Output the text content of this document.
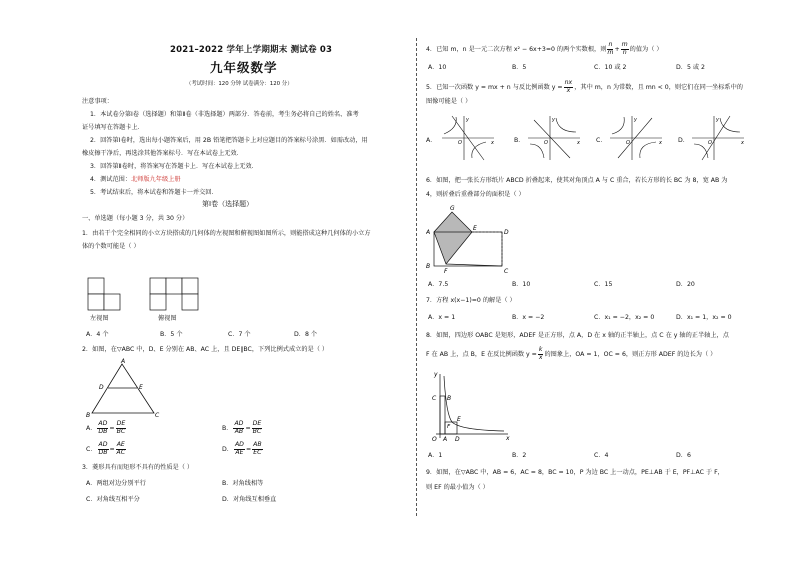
2021–2022 学年上学期期末 测试卷 03
九年级数学
（考试时间：120 分钟 试卷满分：120 分）
注意事项：
1．本试卷分第Ⅰ卷（选择题）和第Ⅱ卷（非选择题）两部分．答卷前，考生务必将自己的姓名、准考
证号填写在答题卡上．
2．回答第Ⅰ卷时，选出每小题答案后，用 2B 铅笔把答题卡上对应题目的答案标号涂黑．如需改动，用
橡皮擦干净后，再选涂其他答案标号．写在本试卷上无效．
3．回答第Ⅱ卷时，将答案写在答题卡上．写在本试卷上无效．
4．测试范围：北师版九年级上册
5．考试结束后，将本试卷和答题卡一并交回．
第Ⅰ卷（选择题）
一、单选题（每小题 3 分，共 30 分）
1．由若干个完全相同的小立方块搭成的几何体的左视图和俯视图如图所示，则能搭成这种几何体的小立方
体的个数可能是（ ）
左视图	俯视图
A．4 个	B．5 个	C．7 个	D．8 个
2．如图，在▽ABC 中，D、E 分别在 AB、AC 上，且 DE∥BC，下列比例式成立的是（ ）
A
D	E
B	C
A． $\frac{AD}{DB} = \frac{DE}{BC}$	B． $\frac{AD}{AB} = \frac{DE}{BC}$
C． $\frac{AD}{DB} = \frac{AE}{AC}$	D． $\frac{AD}{AE} = \frac{AB}{EC}$
3．菱形具有而矩形不具有的性质是（ ）
A．两组对边分别平行	B．对角线相等
C．对角线互相平分	D．对角线互相垂直
4．已知 m，n 是一元二次方程 x² − 6x+3=0 的两个实数根，则 $\frac{n}{m} + \frac{m}{n}$ 的值为（ ）
A．10	B．5	C．10 或 2	D．5 或 2
5．已知一次函数 y = mx + n 与反比例函数 $y = \frac{nx}{x}$ ，其中 m，n 为常数，且 mn < 0，则它们在同一坐标系中的
图像可能是（ ）
A．	B．	C．	D．
x
y
O	x
y
O	x
y
O	x
y
O
6．如图，把一张长方形纸片 ABCD 折叠起来，使其对角顶点 A 与 C 重合，若长方形的长 BC 为 8，宽 AB 为
4，则折叠后重叠部分的面积是（ ）
G
A
E
D
B
F	C
A．7.5	B．10	C．15	D．20
7．方程 x(x−1)=0 的解是（ ）
A．x = 1	B．x = −2	C．x₁ = −2，x₂ = 0	D．x₁ = 1，x₂ = 0
8．如图，四边形 OABC 是矩形，ADEF 是正方形，点 A，D 在 x 轴的正半轴上，点 C 在 y 轴的正半轴上，点
F 在 AB 上，点 B，E 在反比例函数 $y = \frac{k}{x}$ 的图象上，OA = 1，OC = 6，则正方形 ADEF 的边长为（ ）
y
C B
F
E
O A D	x
A．1	B．2	C．4	D．6
9．如图，在▽ABC 中，AB = 6，AC = 8，BC = 10，P 为边 BC 上一动点，PE⊥AB 于 E，PF⊥AC 于 F，
则 EF 的最小值为（ ）
